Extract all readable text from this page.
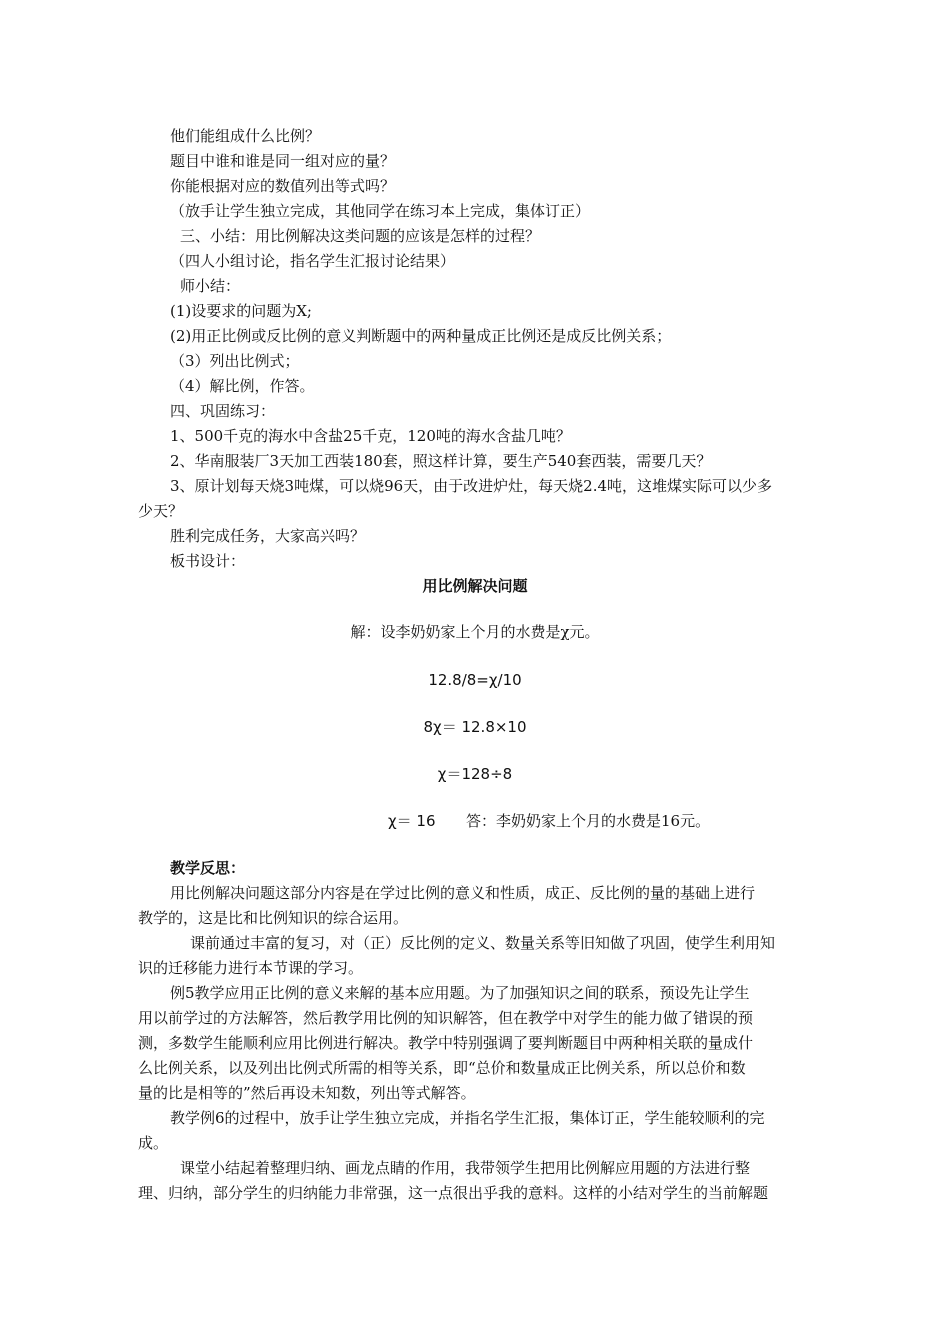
他们能组成什么比例？
题目中谁和谁是同一组对应的量？
你能根据对应的数值列出等式吗？
（放手让学生独立完成，其他同学在练习本上完成，集体订正）
三、小结：用比例解决这类问题的应该是怎样的过程？
（四人小组讨论，指名学生汇报讨论结果）
师小结：
(1)设要求的问题为X;
(2)用正比例或反比例的意义判断题中的两种量成正比例还是成反比例关系；
（3）列出比例式；
（4）解比例，作答。
四、巩固练习：
1、500千克的海水中含盐25千克，120吨的海水含盐几吨？
2、华南服装厂3天加工西装180套，照这样计算，要生产540套西装，需要几天？
3、原计划每天烧3吨煤，可以烧96天，由于改进炉灶，每天烧2.4吨，这堆煤实际可以少多
少天？
胜利完成任务，大家高兴吗？
板书设计：
用比例解决问题
解：设李奶奶家上个月的水费是χ元。
12.8/8=χ/10
8χ＝ 12.8×10
χ＝128÷8
χ＝ 16 答：李奶奶家上个月的水费是16元。
教学反思：
用比例解决问题这部分内容是在学过比例的意义和性质，成正、反比例的量的基础上进行
教学的，这是比和比例知识的综合运用。
课前通过丰富的复习，对（正）反比例的定义、数量关系等旧知做了巩固，使学生利用知
识的迁移能力进行本节课的学习。
例5教学应用正比例的意义来解的基本应用题。为了加强知识之间的联系，预设先让学生
用以前学过的方法解答，然后教学用比例的知识解答，但在教学中对学生的能力做了错误的预
测，多数学生能顺利应用比例进行解决。教学中特别强调了要判断题目中两种相关联的量成什
么比例关系，以及列出比例式所需的相等关系，即“总价和数量成正比例关系，所以总价和数
量的比是相等的”然后再设未知数，列出等式解答。
教学例6的过程中，放手让学生独立完成，并指名学生汇报，集体订正，学生能较顺利的完
成。
课堂小结起着整理归纳、画龙点睛的作用，我带领学生把用比例解应用题的方法进行整
理、归纳，部分学生的归纳能力非常强，这一点很出乎我的意料。这样的小结对学生的当前解题
